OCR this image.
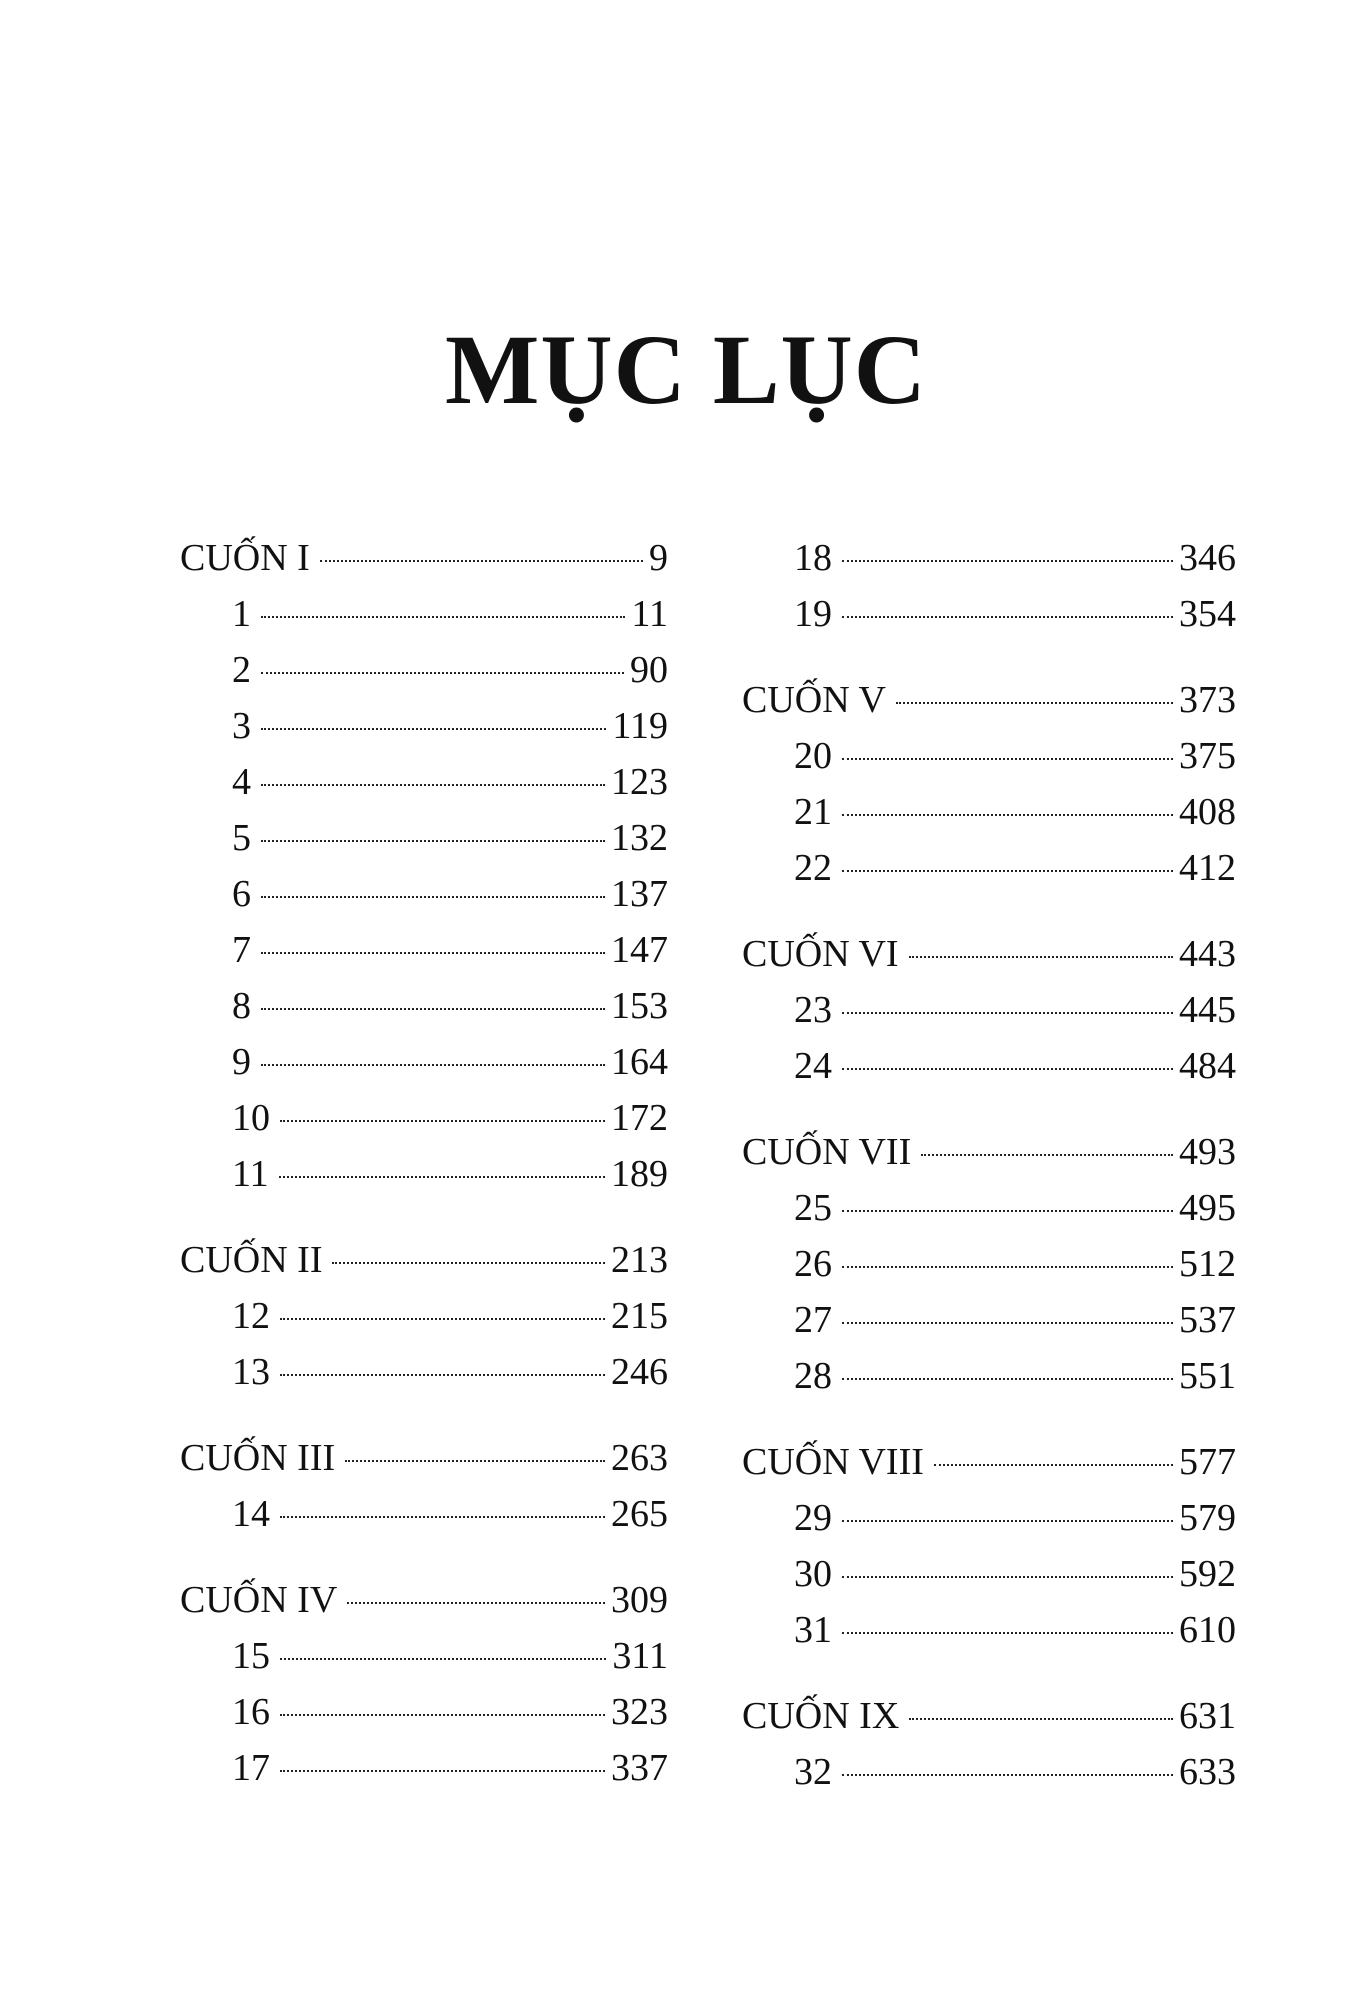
MỤC LỤC
CUỐN I	9
1	11
2	90
3	119
4	123
5	132
6	137
7	147
8	153
9	164
10	172
11	189
CUỐN II	213
12	215
13	246
CUỐN III	263
14	265
CUỐN IV	309
15	311
16	323
17	337
18	346
19	354
CUỐN V	373
20	375
21	408
22	412
CUỐN VI	443
23	445
24	484
CUỐN VII	493
25	495
26	512
27	537
28	551
CUỐN VIII	577
29	579
30	592
31	610
CUỐN IX	631
32	633
